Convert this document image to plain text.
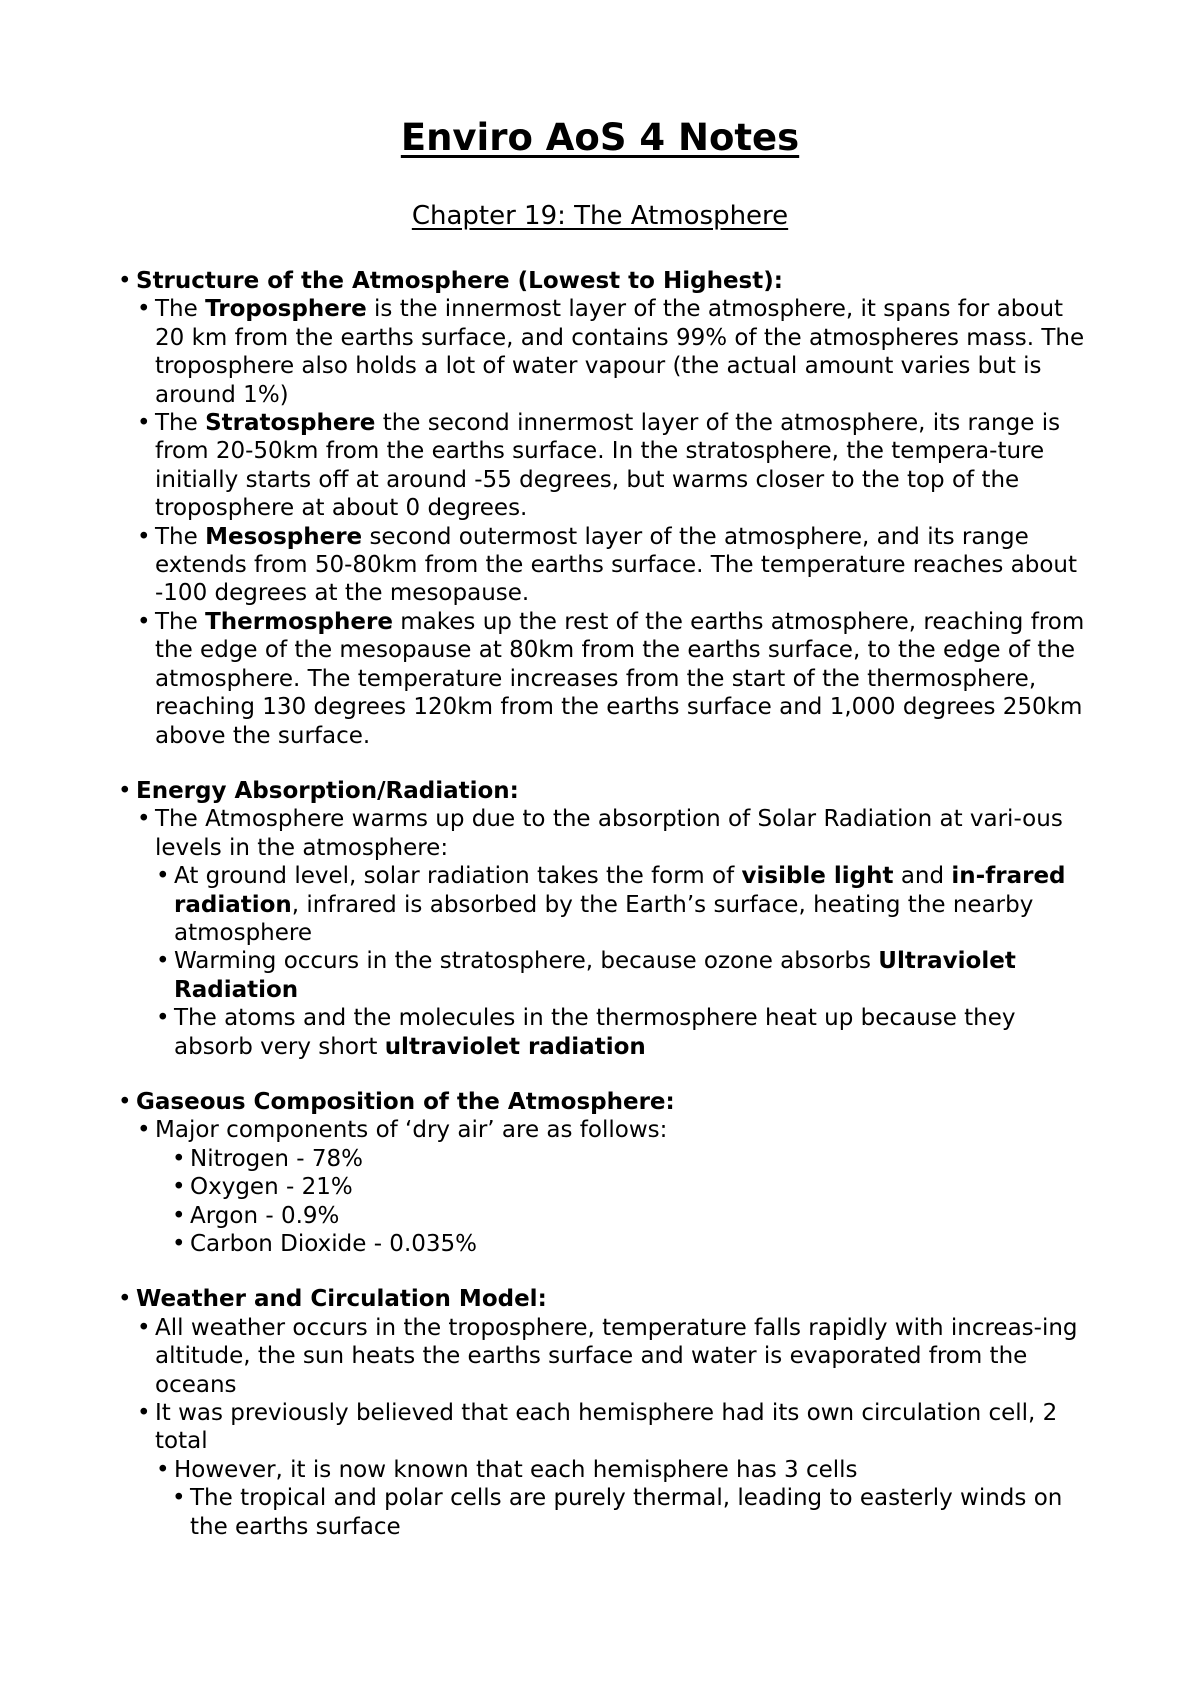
Enviro AoS 4 Notes
Chapter 19: The Atmosphere
• Structure of the Atmosphere (Lowest to Highest):
• The Troposphere is the innermost layer of the atmosphere, it spans for about 20 km from the earths surface, and contains 99% of the atmospheres mass. The troposphere also holds a lot of water vapour (the actual amount varies but is around 1%)
• The Stratosphere the second innermost layer of the atmosphere, its range is from 20-50km from the earths surface. In the stratosphere, the tempera-ture initially starts off at around -55 degrees, but warms closer to the top of the troposphere at about 0 degrees.
• The Mesosphere second outermost layer of the atmosphere, and its range extends from 50-80km from the earths surface. The temperature reaches about -100 degrees at the mesopause.
• The Thermosphere makes up the rest of the earths atmosphere, reaching from the edge of the mesopause at 80km from the earths surface, to the edge of the atmosphere. The temperature increases from the start of the thermosphere, reaching 130 degrees 120km from the earths surface and 1,000 degrees 250km above the surface.
• Energy Absorption/Radiation:
• The Atmosphere warms up due to the absorption of Solar Radiation at vari-ous levels in the atmosphere:
• At ground level, solar radiation takes the form of visible light and in-frared radiation, infrared is absorbed by the Earth’s surface, heating the nearby atmosphere
• Warming occurs in the stratosphere, because ozone absorbs Ultraviolet Radiation
• The atoms and the molecules in the thermosphere heat up because they absorb very short ultraviolet radiation
• Gaseous Composition of the Atmosphere:
• Major components of ‘dry air’ are as follows:
• Nitrogen - 78%
• Oxygen - 21%
• Argon - 0.9%
• Carbon Dioxide - 0.035%
• Weather and Circulation Model:
• All weather occurs in the troposphere, temperature falls rapidly with increas-ing altitude, the sun heats the earths surface and water is evaporated from the oceans
• It was previously believed that each hemisphere had its own circulation cell, 2 total
• However, it is now known that each hemisphere has 3 cells
• The tropical and polar cells are purely thermal, leading to easterly winds on the earths surface
